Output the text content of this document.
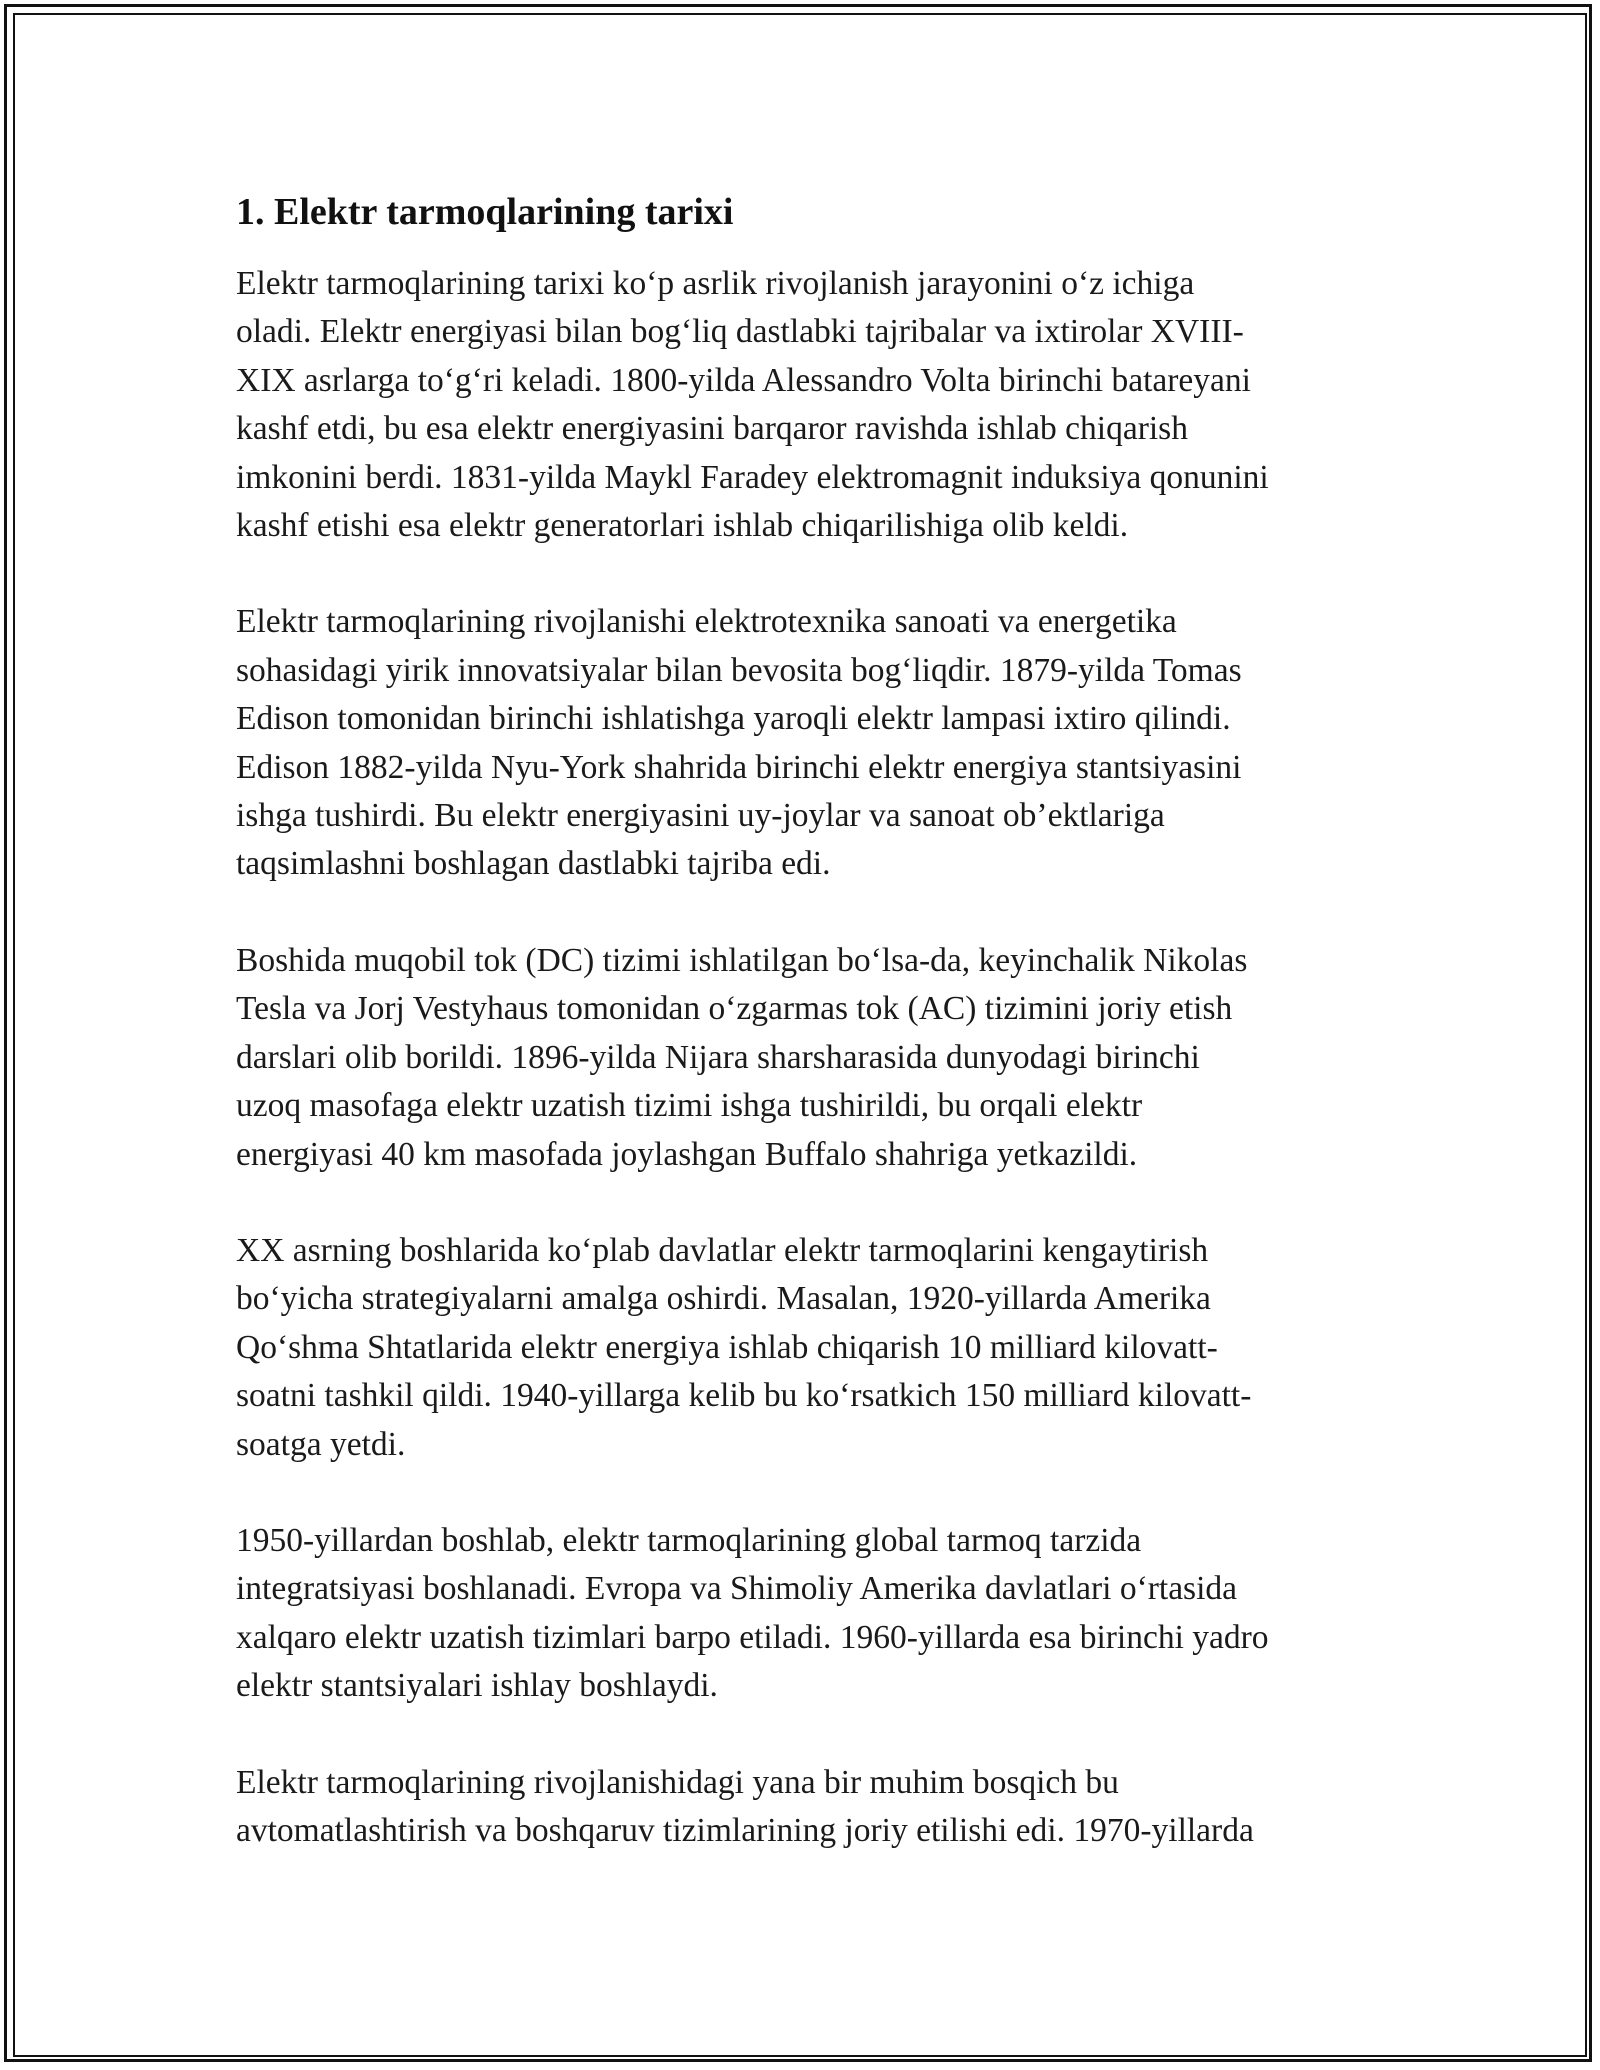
1. Elektr tarmoqlarining tarixi

Elektr tarmoqlarining tarixi ko‘p asrlik rivojlanish jarayonini o‘z ichiga
oladi. Elektr energiyasi bilan bog‘liq dastlabki tajribalar va ixtirolar XVIII-
XIX asrlarga to‘g‘ri keladi. 1800-yilda Alessandro Volta birinchi batareyani
kashf etdi, bu esa elektr energiyasini barqaror ravishda ishlab chiqarish
imkonini berdi. 1831-yilda Maykl Faradey elektromagnit induksiya qonunini
kashf etishi esa elektr generatorlari ishlab chiqarilishiga olib keldi.

Elektr tarmoqlarining rivojlanishi elektrotexnika sanoati va energetika
sohasidagi yirik innovatsiyalar bilan bevosita bog‘liqdir. 1879-yilda Tomas
Edison tomonidan birinchi ishlatishga yaroqli elektr lampasi ixtiro qilindi.
Edison 1882-yilda Nyu-York shahrida birinchi elektr energiya stantsiyasini
ishga tushirdi. Bu elektr energiyasini uy-joylar va sanoat ob’ektlariga
taqsimlashni boshlagan dastlabki tajriba edi.

Boshida muqobil tok (DC) tizimi ishlatilgan bo‘lsa-da, keyinchalik Nikolas
Tesla va Jorj Vestyhaus tomonidan o‘zgarmas tok (AC) tizimini joriy etish
darslari olib borildi. 1896-yilda Nijara sharsharasida dunyodagi birinchi
uzoq masofaga elektr uzatish tizimi ishga tushirildi, bu orqali elektr
energiyasi 40 km masofada joylashgan Buffalo shahriga yetkazildi.

XX asrning boshlarida ko‘plab davlatlar elektr tarmoqlarini kengaytirish
bo‘yicha strategiyalarni amalga oshirdi. Masalan, 1920-yillarda Amerika
Qo‘shma Shtatlarida elektr energiya ishlab chiqarish 10 milliard kilovatt-
soatni tashkil qildi. 1940-yillarga kelib bu ko‘rsatkich 150 milliard kilovatt-
soatga yetdi.

1950-yillardan boshlab, elektr tarmoqlarining global tarmoq tarzida
integratsiyasi boshlanadi. Evropa va Shimoliy Amerika davlatlari o‘rtasida
xalqaro elektr uzatish tizimlari barpo etiladi. 1960-yillarda esa birinchi yadro
elektr stantsiyalari ishlay boshlaydi.

Elektr tarmoqlarining rivojlanishidagi yana bir muhim bosqich bu
avtomatlashtirish va boshqaruv tizimlarining joriy etilishi edi. 1970-yillarda
